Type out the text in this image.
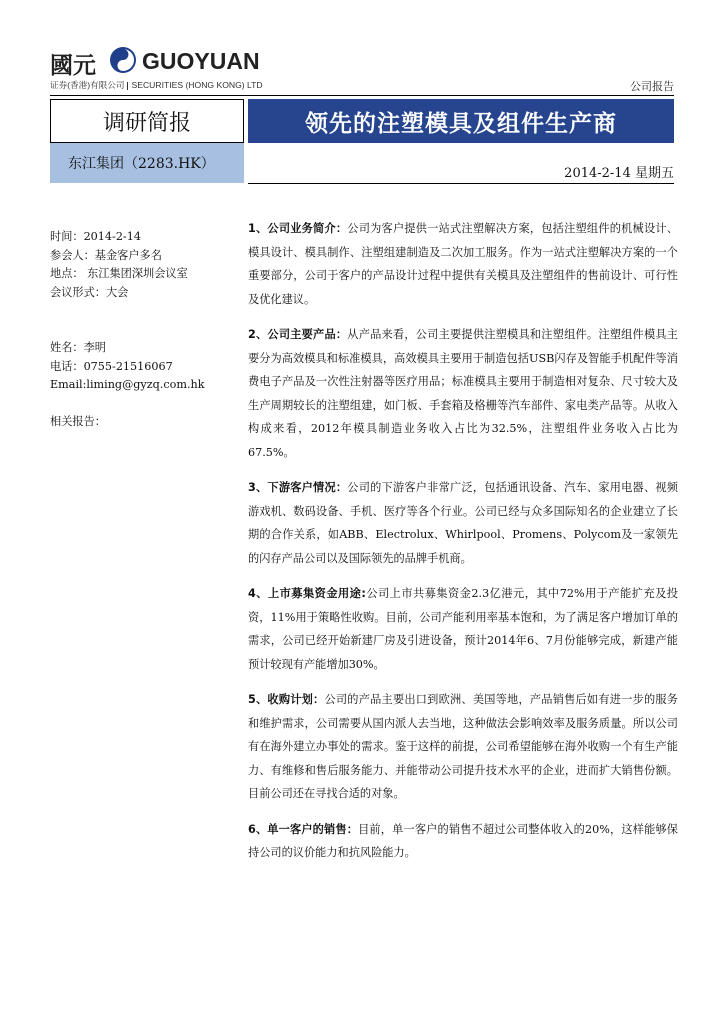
國元 GUOYUAN
证券(香港)有限公司 SECURITIES (HONG KONG) LTD	公司报告
调研简报	领先的注塑模具及组件生产商
东江集团（2283.HK）
2014-2-14 星期五
时间：2014-2-14
参会人：基金客户多名
地点： 东江集团深圳会议室
会议形式：大会
姓名：李明
电话：0755-21516067
Email:liming@gyzq.com.hk
相关报告：

1、公司业务简介：公司为客户提供一站式注塑解决方案，包括注塑组件的机械设计、模具设计、模具制作、注塑组建制造及二次加工服务。作为一站式注塑解决方案的一个重要部分，公司于客户的产品设计过程中提供有关模具及注塑组件的售前设计、可行性及优化建议。

2、公司主要产品：从产品来看，公司主要提供注塑模具和注塑组件。注塑组件模具主要分为高效模具和标准模具，高效模具主要用于制造包括USB闪存及智能手机配件等消费电子产品及一次性注射器等医疗用品；标准模具主要用于制造相对复杂、尺寸较大及生产周期较长的注塑组建，如门板、手套箱及格栅等汽车部件、家电类产品等。从收入构成来看，2012年模具制造业务收入占比为32.5%，注塑组件业务收入占比为67.5%。

3、下游客户情况：公司的下游客户非常广泛，包括通讯设备、汽车、家用电器、视频游戏机、数码设备、手机、医疗等各个行业。公司已经与众多国际知名的企业建立了长期的合作关系，如ABB、Electrolux、Whirlpool、Promens、Polycom及一家领先的闪存产品公司以及国际领先的品牌手机商。

4、上市募集资金用途:公司上市共募集资金2.3亿港元，其中72%用于产能扩充及投资，11%用于策略性收购。目前，公司产能利用率基本饱和，为了满足客户增加订单的需求，公司已经开始新建厂房及引进设备，预计2014年6、7月份能够完成，新建产能预计较现有产能增加30%。

5、收购计划：公司的产品主要出口到欧洲、美国等地，产品销售后如有进一步的服务和维护需求，公司需要从国内派人去当地，这种做法会影响效率及服务质量。所以公司有在海外建立办事处的需求。鉴于这样的前提，公司希望能够在海外收购一个有生产能力、有维修和售后服务能力、并能带动公司提升技术水平的企业，进而扩大销售份额。目前公司还在寻找合适的对象。

6、单一客户的销售：目前，单一客户的销售不超过公司整体收入的20%，这样能够保持公司的议价能力和抗风险能力。
